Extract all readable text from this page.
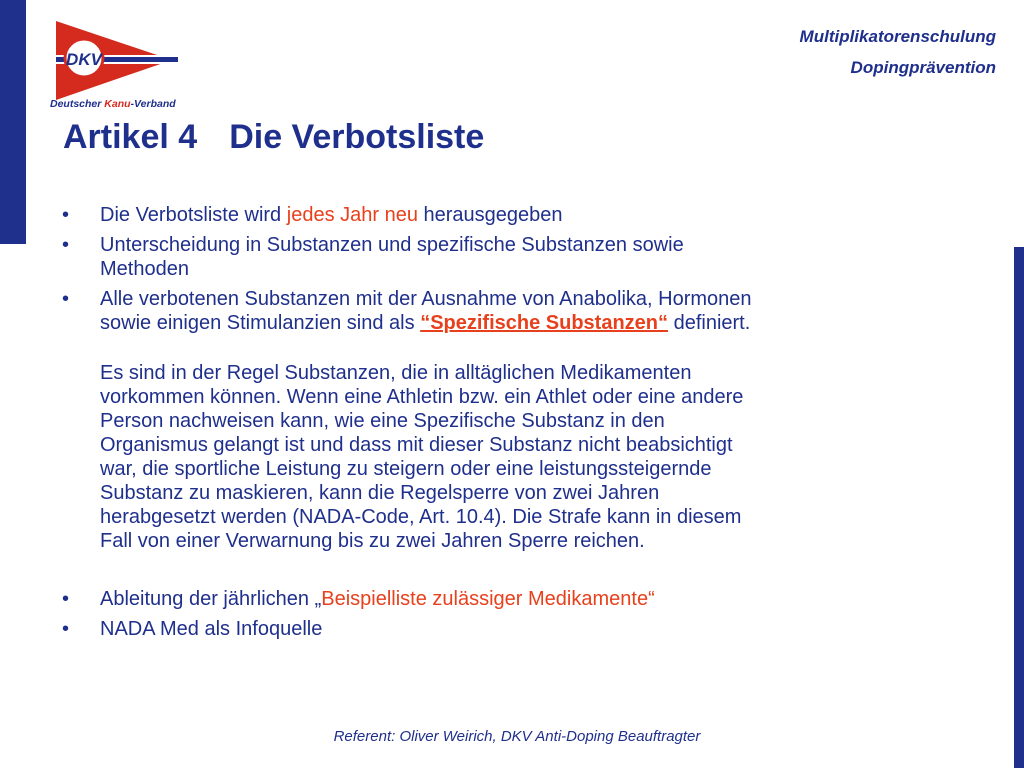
DKV
Deutscher Kanu-Verband
Multiplikatorenschulung
Dopingprävention
Artikel 4 Die Verbotsliste

• Die Verbotsliste wird jedes Jahr neu herausgegeben

• Unterscheidung in Substanzen und spezifische Substanzen sowie
Methoden

• Alle verbotenen Substanzen mit der Ausnahme von Anabolika, Hormonen
sowie einigen Stimulanzien sind als “Spezifische Substanzen“ definiert.

Es sind in der Regel Substanzen, die in alltäglichen Medikamenten
vorkommen können. Wenn eine Athletin bzw. ein Athlet oder eine andere
Person nachweisen kann, wie eine Spezifische Substanz in den
Organismus gelangt ist und dass mit dieser Substanz nicht beabsichtigt
war, die sportliche Leistung zu steigern oder eine leistungssteigernde
Substanz zu maskieren, kann die Regelsperre von zwei Jahren
herabgesetzt werden (NADA-Code, Art. 10.4). Die Strafe kann in diesem
Fall von einer Verwarnung bis zu zwei Jahren Sperre reichen.

• Ableitung der jährlichen „Beispielliste zulässiger Medikamente“

• NADA Med als Infoquelle

Referent: Oliver Weirich, DKV Anti-Doping Beauftragter
